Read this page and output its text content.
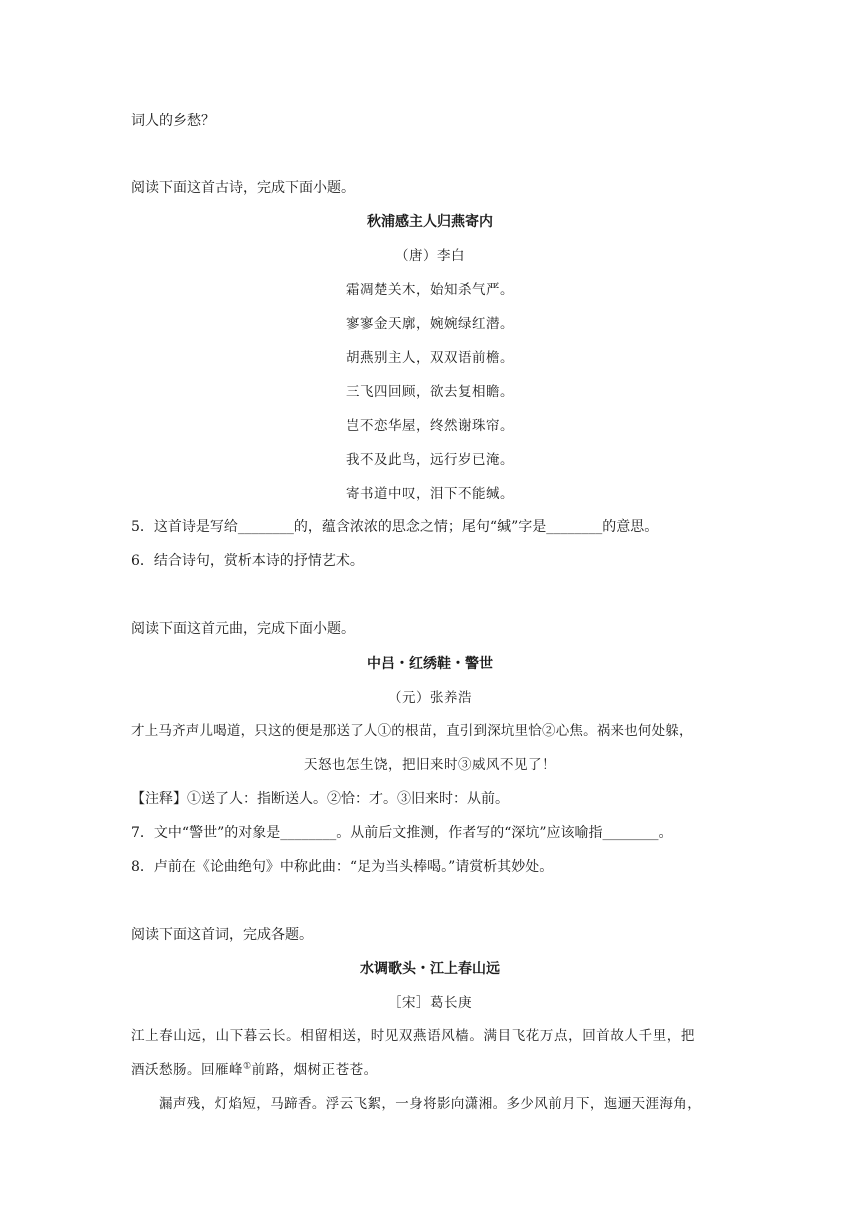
词人的乡愁？
阅读下面这首古诗，完成下面小题。
秋浦感主人归燕寄内
（唐）李白
霜凋楚关木，始知杀气严。
寥寥金天廓，婉婉绿红潜。
胡燕别主人，双双语前檐。
三飞四回顾，欲去复相瞻。
岂不恋华屋，终然谢珠帘。
我不及此鸟，远行岁已淹。
寄书道中叹，泪下不能缄。
5．这首诗是写给________的，蕴含浓浓的思念之情；尾句“缄”字是________的意思。
6．结合诗句，赏析本诗的抒情艺术。
阅读下面这首元曲，完成下面小题。
中吕・红绣鞋・警世
（元）张养浩
才上马齐声儿喝道，只这的便是那送了人①的根苗，直引到深坑里恰②心焦。祸来也何处躲，
天怒也怎生饶，把旧来时③威风不见了！
【注释】①送了人：指断送人。②恰：才。③旧来时：从前。
7．文中“警世”的对象是________。从前后文推测，作者写的“深坑”应该喻指________。
8．卢前在《论曲绝句》中称此曲：“足为当头棒喝。”请赏析其妙处。
阅读下面这首词，完成各题。
水调歌头・江上春山远
［宋］葛长庚
江上春山远，山下暮云长。相留相送，时见双燕语风樯。满目飞花万点，回首故人千里，把
酒沃愁肠。回雁峰①前路，烟树正苍苍。
漏声残，灯焰短，马蹄香。浮云飞絮，一身将影向潇湘。多少风前月下，迤逦天涯海角，
